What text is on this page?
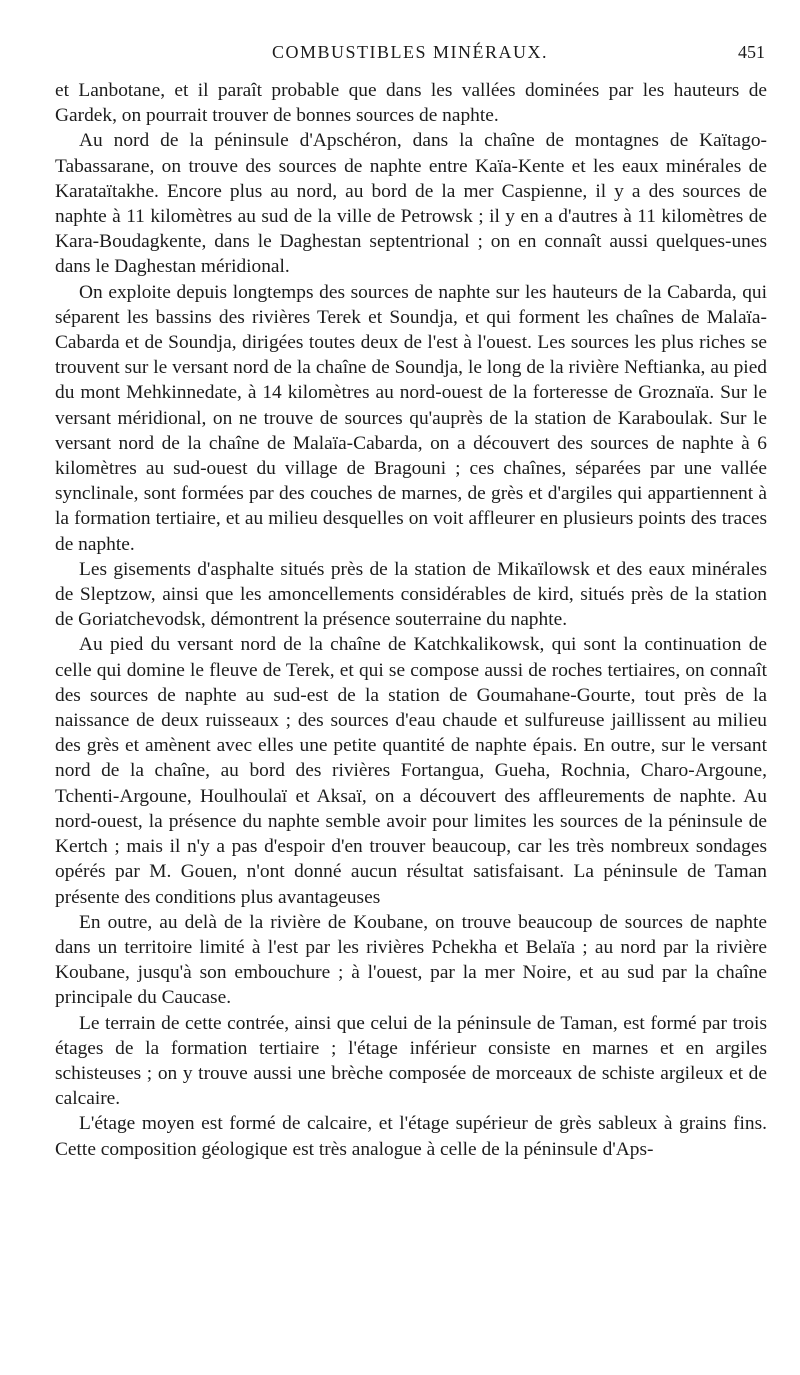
COMBUSTIBLES MINÉRAUX.	451

et Lanbotane, et il paraît probable que dans les vallées dominées par les hauteurs de Gardek, on pourrait trouver de bonnes sources de naphte.

Au nord de la péninsule d'Apschéron, dans la chaîne de montagnes de Kaïtago-Tabassarane, on trouve des sources de naphte entre Kaïa-Kente et les eaux minérales de Karataïtakhe. Encore plus au nord, au bord de la mer Caspienne, il y a des sources de naphte à 11 kilomètres au sud de la ville de Petrowsk ; il y en a d'autres à 11 kilomètres de Kara-Boudagkente, dans le Daghestan septentrional ; on en connaît aussi quelques-unes dans le Daghestan méridional.

On exploite depuis longtemps des sources de naphte sur les hauteurs de la Cabarda, qui séparent les bassins des rivières Terek et Soundja, et qui forment les chaînes de Malaïa-Cabarda et de Soundja, dirigées toutes deux de l'est à l'ouest. Les sources les plus riches se trouvent sur le versant nord de la chaîne de Soundja, le long de la rivière Neftianka, au pied du mont Mehkinnedate, à 14 kilomètres au nord-ouest de la forteresse de Groznaïa. Sur le versant méridional, on ne trouve de sources qu'auprès de la station de Karaboulak. Sur le versant nord de la chaîne de Malaïa-Cabarda, on a découvert des sources de naphte à 6 kilomètres au sud-ouest du village de Bragouni ; ces chaînes, séparées par une vallée synclinale, sont formées par des couches de marnes, de grès et d'argiles qui appartiennent à la formation tertiaire, et au milieu desquelles on voit affleurer en plusieurs points des traces de naphte.

Les gisements d'asphalte situés près de la station de Mikaïlowsk et des eaux minérales de Sleptzow, ainsi que les amoncellements considérables de kird, situés près de la station de Goriatchevodsk, démontrent la présence souterraine du naphte.

Au pied du versant nord de la chaîne de Katchkalikowsk, qui sont la continuation de celle qui domine le fleuve de Terek, et qui se compose aussi de roches tertiaires, on connaît des sources de naphte au sud-est de la station de Goumahane-Gourte, tout près de la naissance de deux ruisseaux ; des sources d'eau chaude et sulfureuse jaillissent au milieu des grès et amènent avec elles une petite quantité de naphte épais. En outre, sur le versant nord de la chaîne, au bord des rivières Fortangua, Gueha, Rochnia, Charo-Argoune, Tchenti-Argoune, Houlhoulaï et Aksaï, on a découvert des affleurements de naphte. Au nord-ouest, la présence du naphte semble avoir pour limites les sources de la péninsule de Kertch ; mais il n'y a pas d'espoir d'en trouver beaucoup, car les très nombreux sondages opérés par M. Gouen, n'ont donné aucun résultat satisfaisant. La péninsule de Taman présente des conditions plus avantageuses

En outre, au delà de la rivière de Koubane, on trouve beaucoup de sources de naphte dans un territoire limité à l'est par les rivières Pchekha et Belaïa ; au nord par la rivière Koubane, jusqu'à son embouchure ; à l'ouest, par la mer Noire, et au sud par la chaîne principale du Caucase.

Le terrain de cette contrée, ainsi que celui de la péninsule de Taman, est formé par trois étages de la formation tertiaire ; l'étage inférieur consiste en marnes et en argiles schisteuses ; on y trouve aussi une brèche composée de morceaux de schiste argileux et de calcaire.

L'étage moyen est formé de calcaire, et l'étage supérieur de grès sableux à grains fins. Cette composition géologique est très analogue à celle de la péninsule d'Aps-
